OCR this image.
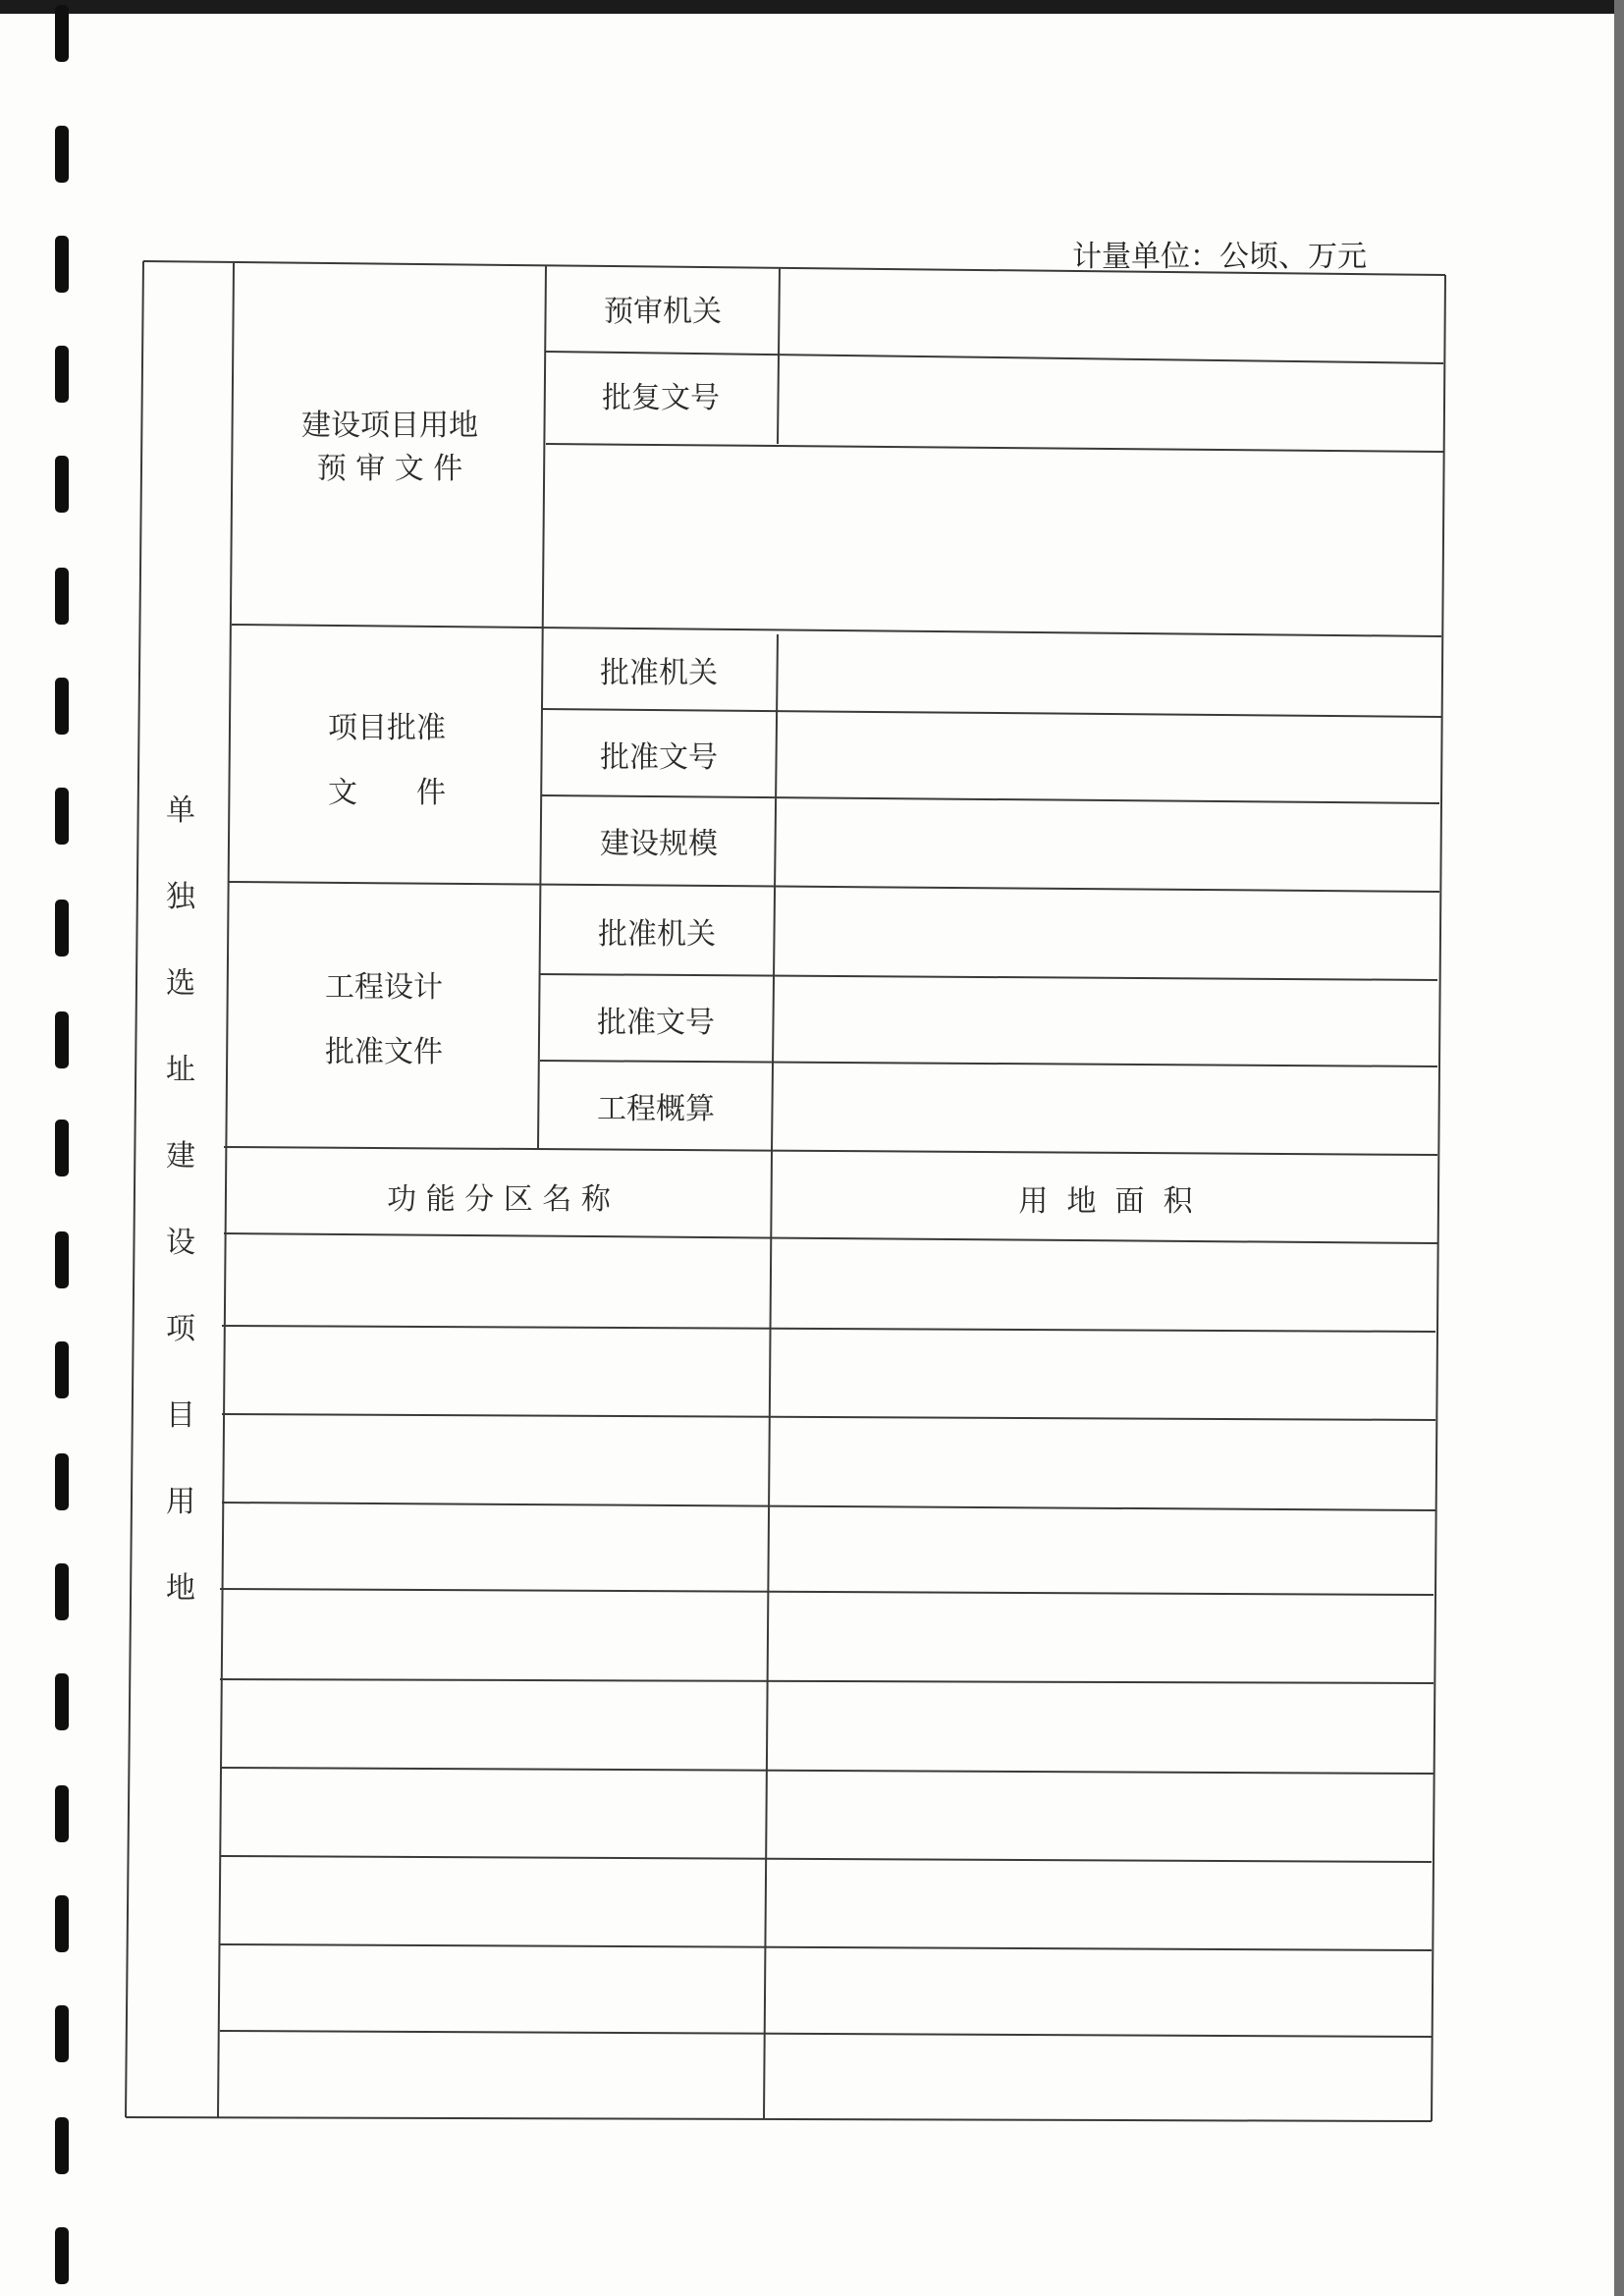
计量单位：公顷、万元
单
独
选
址
建
设
项
目
用
地
建设项目用地
预 审 文 件
预审机关
批复文号
项目批准
文　　件
批准机关
批准文号
建设规模
工程设计
批准文件
批准机关
批准文号
工程概算
功 能 分 区 名 称	用  地  面  积
